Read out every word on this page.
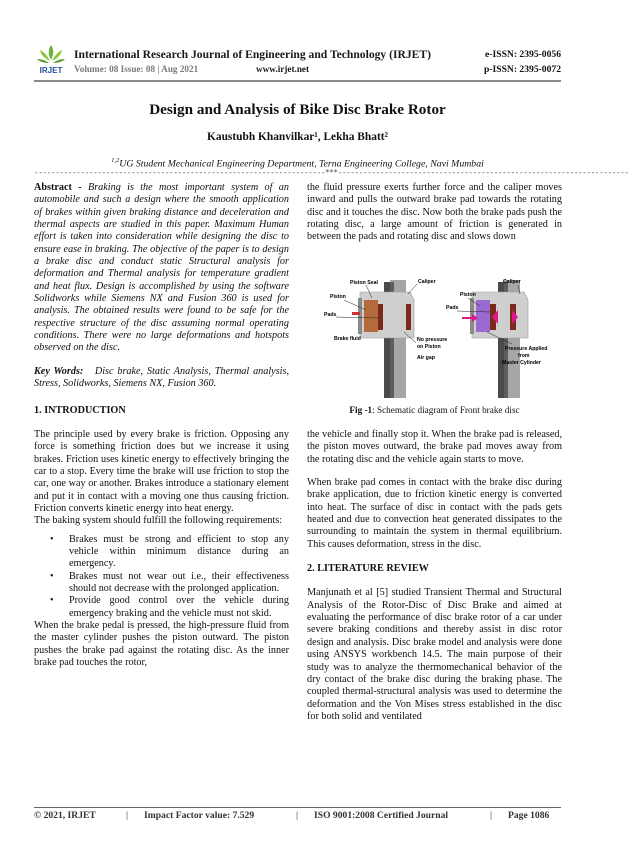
IRJET
International Research Journal of Engineering and Technology (IRJET)
Volume: 08 Issue: 08 | Aug 2021	www.irjet.net
e-ISSN: 2395-0056
p-ISSN: 2395-0072
Design and Analysis of Bike Disc Brake Rotor
Kaustubh Khanvilkar¹, Lekha Bhatt²
$^{1,2}$UG Student Mechanical Engineering Department, Terna Engineering College, Navi Mumbai
---------------------------------------------------------------------***---------------------------------------------------------------------

Abstract - Braking is the most important system of an automobile and such a design where the smooth application of brakes within given braking distance and deceleration and thermal aspects are studied in this paper. Maximum Human effort is taken into consideration while designing the disc to ensure ease in braking. The objective of the paper is to design a brake disc and conduct static Structural analysis for deformation and Thermal analysis for temperature gradient and heat flux. Design is accomplished by using the software Solidworks while Siemens NX and Fusion 360 is used for analysis. The obtained results were found to be safe for the respective structure of the disc assuming normal operating conditions. There were no large deformations and hotspots observed on the disc.

Key Words: Disc brake, Static Analysis, Thermal analysis, Stress, Solidworks, Siemens NX, Fusion 360.

1. INTRODUCTION

The principle used by every brake is friction. Opposing any force is something friction does but we increase it using brakes. Friction uses kinetic energy to effectively bringing the car to a stop. Every time the brake will use friction to stop the car, one way or another. Brakes introduce a stationary element and put it in contact with a moving one thus causing friction. Friction converts kinetic energy into heat energy.

The baking system should fulfill the following requirements:

• Brakes must be strong and efficient to stop any vehicle within minimum distance during an emergency.
• Brakes must not wear out i.e., their effectiveness should not decrease with the prolonged application.
• Provide good control over the vehicle during emergency braking and the vehicle must not skid.

When the brake pedal is pressed, the high-pressure fluid from the master cylinder pushes the piston outward. The piston pushes the brake pad against the rotating disc. As the inner brake pad touches the rotor,

the fluid pressure exerts further force and the caliper moves inward and pulls the outward brake pad towards the rotating disc and it touches the disc. Now both the brake pads push the rotating disc, a large amount of friction is generated in between the pads and rotating disc and slows down

Piston Seal	Caliper
Piston
Pads
Brake fluid	No pressure
on Piston
Air gap
Caliper
Piston
Pads
Pressure Applied
from
Master Cylinder
Fig -1: Schematic diagram of Front brake disc

the vehicle and finally stop it. When the brake pad is released, the piston moves outward, the brake pad moves away from the rotating disc and the vehicle again starts to move.

When brake pad comes in contact with the brake disc during brake application, due to friction kinetic energy is converted into heat. The surface of disc in contact with the pads gets heated and due to convection heat generated dissipates to the surrounding to maintain the system in thermal equilibrium. This causes deformation, stress in the disc.

2. LITERATURE REVIEW

Manjunath et al [5] studied Transient Thermal and Structural Analysis of the Rotor-Disc of Disc Brake and aimed at evaluating the performance of disc brake rotor of a car under severe braking conditions and thereby assist in disc rotor design and analysis. Disc brake model and analysis were done using ANSYS workbench 14.5. The main purpose of their study was to analyze the thermomechanical behavior of the dry contact of the brake disc during the braking phase. The coupled thermal-structural analysis was used to determine the deformation and the Von Mises stress established in the disc for both solid and ventilated

© 2021, IRJET	| Impact Factor value: 7.529	| ISO 9001:2008 Certified Journal	| Page 1086
